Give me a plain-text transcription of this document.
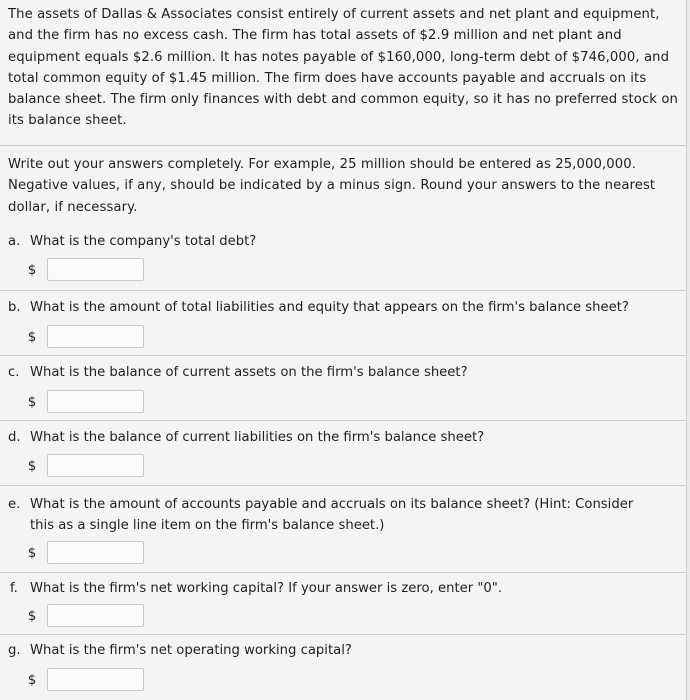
The assets of Dallas & Associates consist entirely of current assets and net plant and equipment, and the firm has no excess cash. The firm has total assets of $2.9 million and net plant and equipment equals $2.6 million. It has notes payable of $160,000, long-term debt of $746,000, and total common equity of $1.45 million. The firm does have accounts payable and accruals on its balance sheet. The firm only finances with debt and common equity, so it has no preferred stock on its balance sheet.
Write out your answers completely. For example, 25 million should be entered as 25,000,000. Negative values, if any, should be indicated by a minus sign. Round your answers to the nearest dollar, if necessary.
a. What is the company's total debt?
$
b. What is the amount of total liabilities and equity that appears on the firm's balance sheet?
$
c. What is the balance of current assets on the firm's balance sheet?
$
d. What is the balance of current liabilities on the firm's balance sheet?
$
e. What is the amount of accounts payable and accruals on its balance sheet? (Hint: Consider this as a single line item on the firm's balance sheet.)
$
f. What is the firm's net working capital? If your answer is zero, enter "0".
$
g. What is the firm's net operating working capital?
$
